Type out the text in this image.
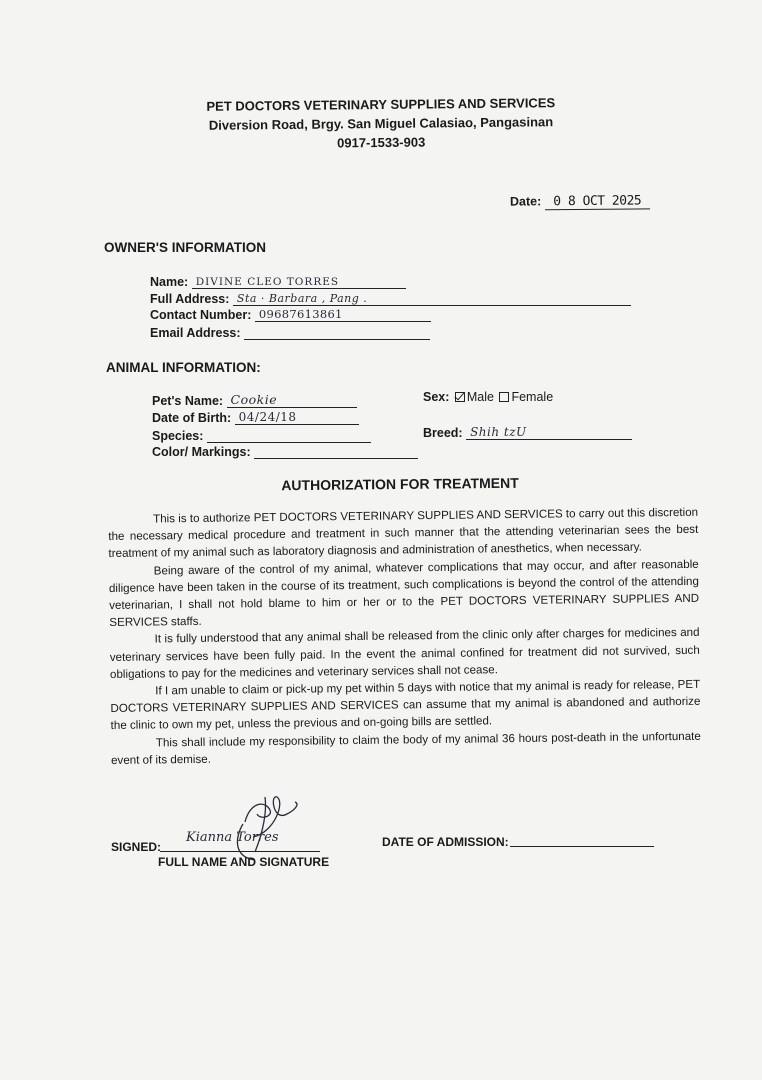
PET DOCTORS VETERINARY SUPPLIES AND SERVICES
Diversion Road, Brgy. San Miguel Calasiao, Pangasinan
0917-1533-903
Date: 0 8 OCT 2025
OWNER'S INFORMATION
Name: DIVINE CLEO TORRES
Full Address: Sta · Barbara , Pang .
Contact Number: 09687613861
Email Address:
ANIMAL INFORMATION:
Pet's Name: Cookie
Date of Birth: 04/24/18
Species:
Color/ Markings:
Sex: Male Female
Breed: Shih tzU
AUTHORIZATION FOR TREATMENT

This is to authorize PET DOCTORS VETERINARY SUPPLIES AND SERVICES to carry out this discretion the necessary medical procedure and treatment in such manner that the attending veterinarian sees the best treatment of my animal such as laboratory diagnosis and administration of anesthetics, when necessary.

Being aware of the control of my animal, whatever complications that may occur, and after reasonable diligence have been taken in the course of its treatment, such complications is beyond the control of the attending veterinarian, I shall not hold blame to him or her or to the PET DOCTORS VETERINARY SUPPLIES AND SERVICES staffs.

It is fully understood that any animal shall be released from the clinic only after charges for medicines and veterinary services have been fully paid. In the event the animal confined for treatment did not survived, such obligations to pay for the medicines and veterinary services shall not cease.

If I am unable to claim or pick-up my pet within 5 days with notice that my animal is ready for release, PET DOCTORS VETERINARY SUPPLIES AND SERVICES can assume that my animal is abandoned and authorize the clinic to own my pet, unless the previous and on-going bills are settled.

This shall include my responsibility to claim the body of my animal 36 hours post-death in the unfortunate event of its demise.

SIGNED:
Kianna Torres
FULL NAME AND SIGNATURE
DATE OF ADMISSION:
